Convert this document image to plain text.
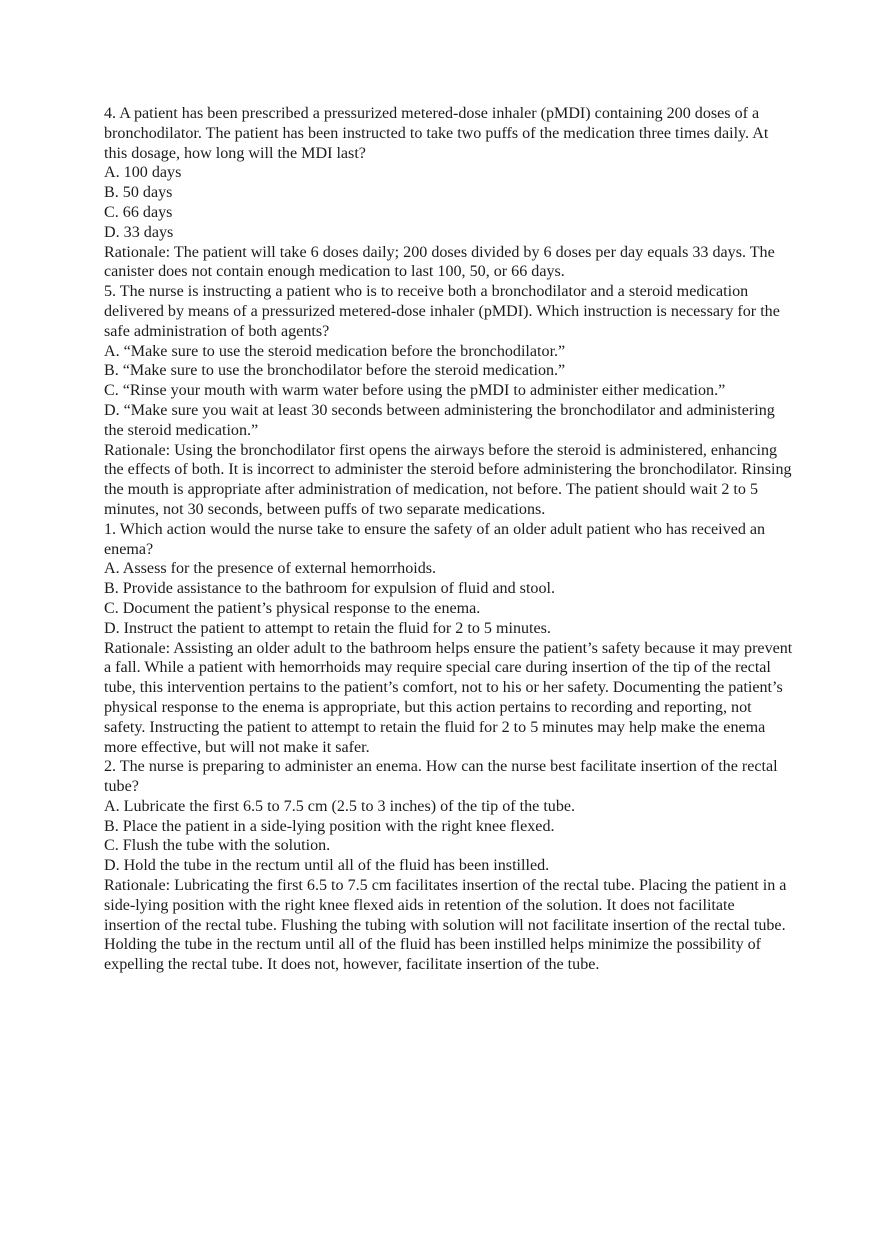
4. A patient has been prescribed a pressurized metered-dose inhaler (pMDI) containing 200 doses of a bronchodilator. The patient has been instructed to take two puffs of the medication three times daily. At this dosage, how long will the MDI last?

A. 100 days

B. 50 days

C. 66 days

D. 33 days

Rationale: The patient will take 6 doses daily; 200 doses divided by 6 doses per day equals 33 days. The canister does not contain enough medication to last 100, 50, or 66 days.

5. The nurse is instructing a patient who is to receive both a bronchodilator and a steroid medication delivered by means of a pressurized metered-dose inhaler (pMDI). Which instruction is necessary for the safe administration of both agents?

A. “Make sure to use the steroid medication before the bronchodilator.”

B. “Make sure to use the bronchodilator before the steroid medication.”

C. “Rinse your mouth with warm water before using the pMDI to administer either medication.”

D. “Make sure you wait at least 30 seconds between administering the bronchodilator and administering the steroid medication.”

Rationale: Using the bronchodilator first opens the airways before the steroid is administered, enhancing the effects of both. It is incorrect to administer the steroid before administering the bronchodilator. Rinsing the mouth is appropriate after administration of medication, not before. The patient should wait 2 to 5 minutes, not 30 seconds, between puffs of two separate medications.

1. Which action would the nurse take to ensure the safety of an older adult patient who has received an enema?

A. Assess for the presence of external hemorrhoids.

B. Provide assistance to the bathroom for expulsion of fluid and stool.

C. Document the patient’s physical response to the enema.

D. Instruct the patient to attempt to retain the fluid for 2 to 5 minutes.

Rationale: Assisting an older adult to the bathroom helps ensure the patient’s safety because it may prevent a fall. While a patient with hemorrhoids may require special care during insertion of the tip of the rectal tube, this intervention pertains to the patient’s comfort, not to his or her safety. Documenting the patient’s physical response to the enema is appropriate, but this action pertains to recording and reporting, not safety. Instructing the patient to attempt to retain the fluid for 2 to 5 minutes may help make the enema more effective, but will not make it safer.

2. The nurse is preparing to administer an enema. How can the nurse best facilitate insertion of the rectal tube?

A. Lubricate the first 6.5 to 7.5 cm (2.5 to 3 inches) of the tip of the tube.

B. Place the patient in a side-lying position with the right knee flexed.

C. Flush the tube with the solution.

D. Hold the tube in the rectum until all of the fluid has been instilled.

Rationale: Lubricating the first 6.5 to 7.5 cm facilitates insertion of the rectal tube. Placing the patient in a side-lying position with the right knee flexed aids in retention of the solution. It does not facilitate insertion of the rectal tube. Flushing the tubing with solution will not facilitate insertion of the rectal tube. Holding the tube in the rectum until all of the fluid has been instilled helps minimize the possibility of expelling the rectal tube. It does not, however, facilitate insertion of the tube.
